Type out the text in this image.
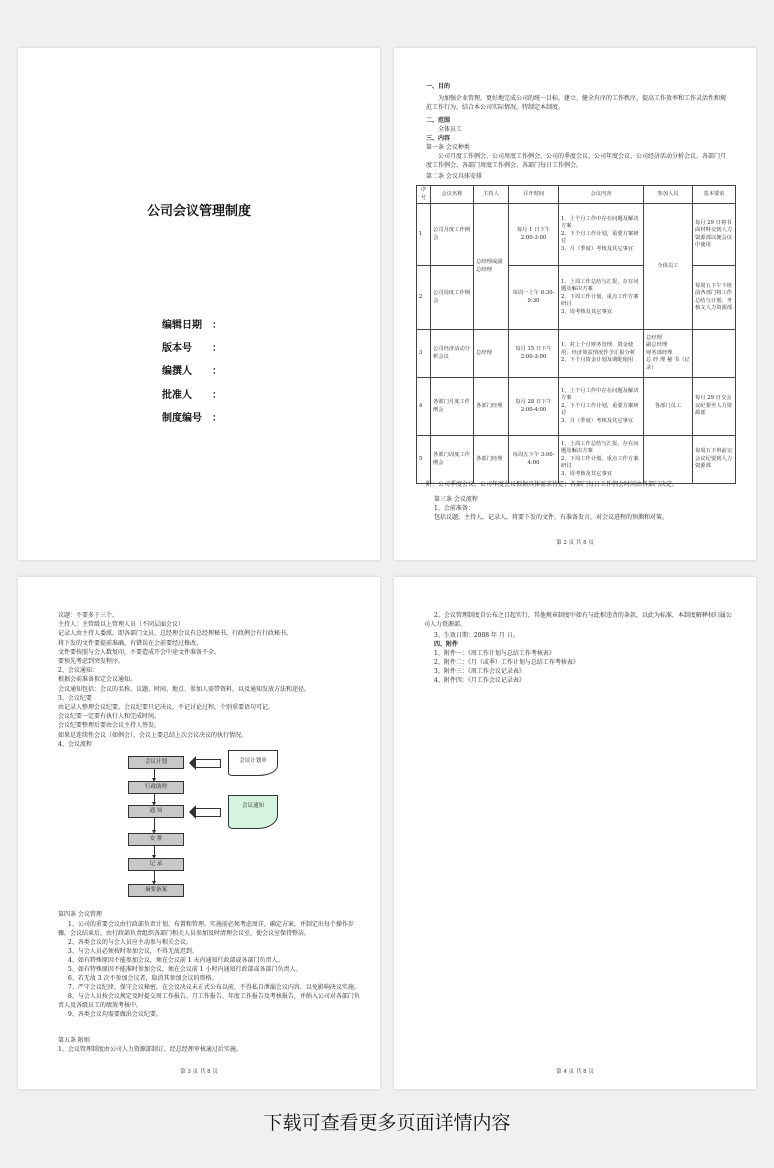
公司会议管理制度
编辑日期 ：
版本号 ：
编撰人 ：
批准人 ：
制度编号 ：
一、目的
为加强企业管理，更好地完成公司的统一目标，建立、健全有序的工作秩序，提高工作效率和工作灵活性和规范工作行为，结合本公司实际情况，特制定本制度。
二、范围
全体员工
三、内容
第一条 会议种类
公司月度工作例会、公司周度工作例会、公司的季度会议、公司年度会议、公司经济活动分析会议、各部门月度工作例会、各部门周度工作例会、各部门每日工作例会。
第二条 会议具体安排
序号	会议名称	主持人	召开时间	会议内容	参加人员	基本要求
1	公司月度工作例会	总经理或副总经理	每月 1 日下午 2:00-3:00	1、上个月工作中存在问题及解决方案
2、下个月工作计划，重要方案研讨
3、月（季度）考核及其它事宜	全体员工	每月 29 日将书面材料交到人力资源部以便会议中使用
2	公司周度工作例会		每周一上午 8:30-9:30	1、上周工作总结与汇报，存在问题及解决方案
2、下周工作计划，重点工作方案研讨
3、周考核及其它事宜		每周五下午下班前各部门将工作总结与计划，考核文人力资源部
3	公司经济活动分析会议	总经理	每月 15 日下午 2:00-3:00	1、对上个月财务管理、资金使用、经济效益情况作予汇报分析
2、下个月资金计划及调配使用	总经理
副总经理
财务部经理
总 经 理 秘 书（记录）	
4	各部门月度工作例会	各部门经理	每月 28 日下午 2:00-4:00	1、上个月工作中存在问题及解决方案
2、下个月工作计划，重要方案研讨
3、月（季度）考核及其它事宜	各部门员工	每月 29 日交会议纪要至人力资源部
5	各部门周度工作例会	各部门经理	每周五下午 3:00-4:00	1、上周工作总结与汇报，存在问题及解决方案
2、下周工作计划，重点工作方案研讨
3、周考核及其它事宜		每周五下班前交会议纪要到人力资源部
附：公司季度会议、公司年度会议根据具体需求待定；各部门每日工作例会时间由各部门决定。
第三条 会议流程
1、会前准备：
包括议题，主持人，记录人，将要下发的文件，有准备发言，对会议进程的预测和对策。
第 2 页 共 8 页
议题：不要多于三个。
主持人：主管级以上管理人员（不同层面会议）
记录人由主持人委派，即各部门文员，总经理会议有总经理秘书，行政例会有行政秘书。
将下发的文件要提前准确，有错误在会前要经过修改。
文件要按照与会人数复印，不要造成开会中途文件准备不全。
要预先考虑到突发程序。
2、会议通知：
根据会前准备拟定会议通知。
会议通知包括：会议的名称、议题、时间、地点、参加人需带资料，以及通知发放方法和途径。
3、会议纪要
由记录人整理会议纪要。会议纪要只记决议，不记讨论过程，个别重要语句可记。
会议纪要一定要有执行人和完成时间。
会议纪要整理后要由会议主持人签发。
如果是连续性会议（如例会），会议上要总结上次会议决议的执行情况。
4、会议流程
会议计划
行政助理
通 知
安 排
记 录
摘要备案
会议计划单
会议通知
第四条 会议管理
1、公司的重要会议由行政部负责计划、布置和管理。实施前必须考虑周详，确定方案，并制定出每个操作步骤。会议结束后，由行政部负责组织各部门相关人员参加及时清理会议室，使会议室保持整洁。
2、各类会议的与会人员应主动参与相关会议。
3、与会人员必须按时参加会议，不得无故迟到。
4、如有特殊原因不能参加会议，须在会议前 1 天内通知行政部或各部门负责人。
5、如有特殊原因不能准时参加会议，须在会议前 1 小时内通知行政部或各部门负责人。
6、若无故 3 次不参加会议者，取消其参加会议的资格。
7、严守会议纪律，保守会议秘密，在会议决议未正式公布以前，不得私自泄漏会议内容，以免影响决议实施。
8、与会人员按会议规定及时提交周工作报告、月工作报告、年度工作报告及考核报告，并纳入公司对各部门负责人及各级员工的绩效考核中。
9、各类会议均需要做出会议纪要。
第五条 附则
1、会议管理制度由公司人力资源部制订，经总经理审核通过后实施。
第 3 页 共 8 页
2、会议管理制度自公布之日起实行，其他规章制度中如有与此相违背的条款，以此为标准，本制度解释权归属公司人力资源部。
3、生效日期：2008 年 月 日。
四、附件
1、附件一：《周工作计划与总结工作考核表》
2、附件二：《月（或季）工作计划与总结工作考核表》
3、附件三：《周工作会议记录表》
4、附件四：《月工作会议记录表》
第 4 页 共 8 页
下载可查看更多页面详情内容
